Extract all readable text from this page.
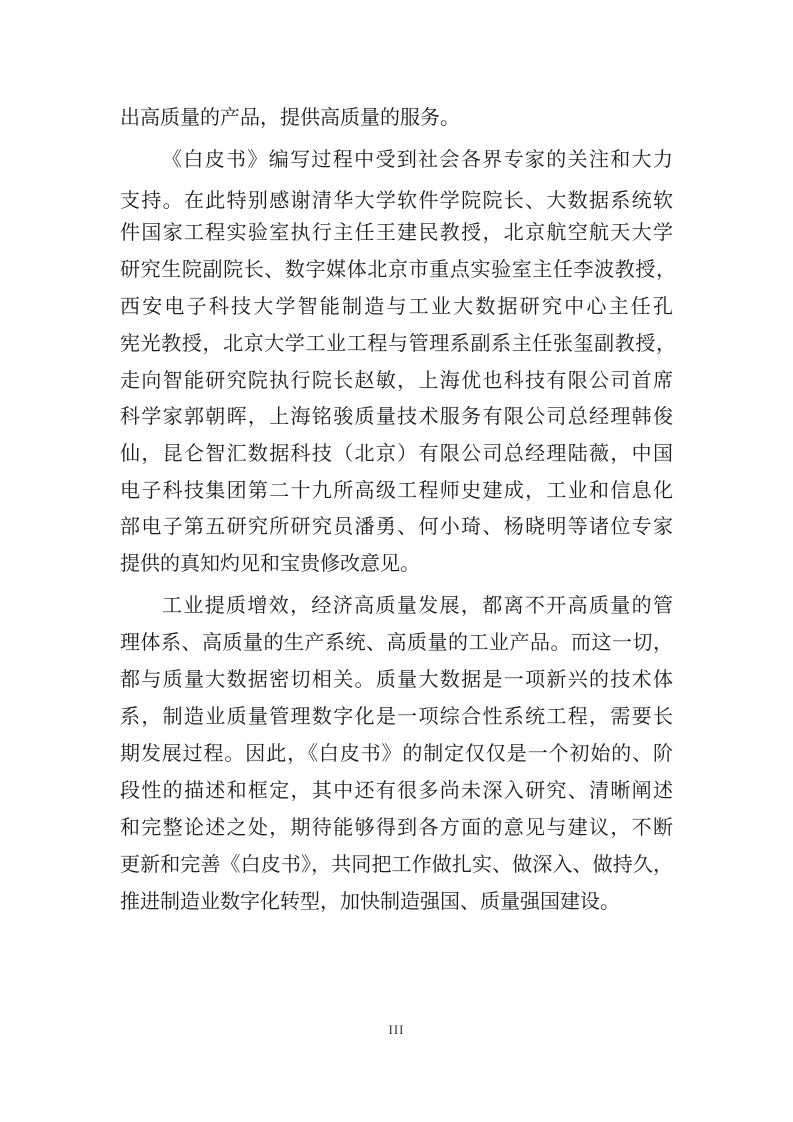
出高质量的产品，提供高质量的服务。
《白皮书》编写过程中受到社会各界专家的关注和大力
支持。在此特别感谢清华大学软件学院院长、大数据系统软
件国家工程实验室执行主任王建民教授，北京航空航天大学
研究生院副院长、数字媒体北京市重点实验室主任李波教授，
西安电子科技大学智能制造与工业大数据研究中心主任孔
宪光教授，北京大学工业工程与管理系副系主任张玺副教授，
走向智能研究院执行院长赵敏，上海优也科技有限公司首席
科学家郭朝晖，上海铭骏质量技术服务有限公司总经理韩俊
仙，昆仑智汇数据科技（北京）有限公司总经理陆薇，中国
电子科技集团第二十九所高级工程师史建成，工业和信息化
部电子第五研究所研究员潘勇、何小琦、杨晓明等诸位专家
提供的真知灼见和宝贵修改意见。
工业提质增效，经济高质量发展，都离不开高质量的管
理体系、高质量的生产系统、高质量的工业产品。而这一切，
都与质量大数据密切相关。质量大数据是一项新兴的技术体
系，制造业质量管理数字化是一项综合性系统工程，需要长
期发展过程。因此，《白皮书》的制定仅仅是一个初始的、阶
段性的描述和框定，其中还有很多尚未深入研究、清晰阐述
和完整论述之处，期待能够得到各方面的意见与建议，不断
更新和完善《白皮书》，共同把工作做扎实、做深入、做持久，
推进制造业数字化转型，加快制造强国、质量强国建设。
III
